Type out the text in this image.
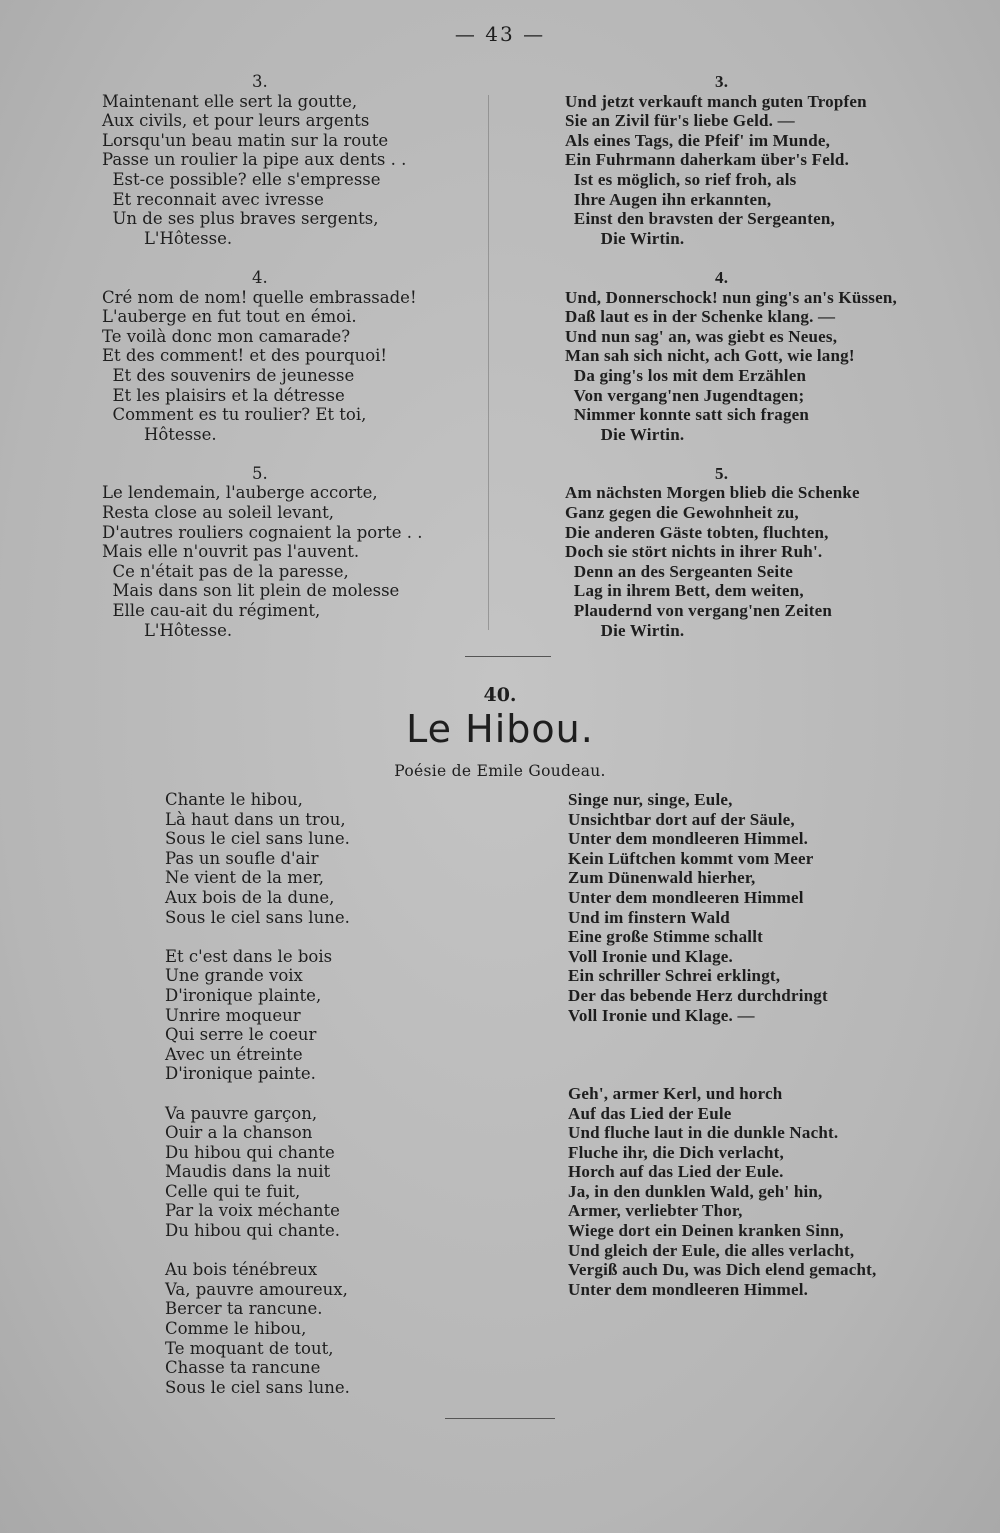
— 43 —
3.
Maintenant elle sert la goutte,
Aux civils, et pour leurs argents
Lorsqu'un beau matin sur la route
Passe un roulier la pipe aux dents . .
Est-ce possible? elle s'empresse
Et reconnait avec ivresse
Un de ses plus braves sergents,
L'Hôtesse.
4.
Cré nom de nom! quelle embrassade!
L'auberge en fut tout en émoi.
Te voilà donc mon camarade?
Et des comment! et des pourquoi!
Et des souvenirs de jeunesse
Et les plaisirs et la détresse
Comment es tu roulier? Et toi,
Hôtesse.
5.
Le lendemain, l'auberge accorte,
Resta close au soleil levant,
D'autres rouliers cognaient la porte . .
Mais elle n'ouvrit pas l'auvent.
Ce n'était pas de la paresse,
Mais dans son lit plein de molesse
Elle cau-ait du régiment,
L'Hôtesse.
3.
Und jetzt verkauft manch guten Tropfen
Sie an Zivil für's liebe Geld. —
Als eines Tags, die Pfeif' im Munde,
Ein Fuhrmann daherkam über's Feld.
Ist es möglich, so rief froh, als
Ihre Augen ihn erkannten,
Einst den bravsten der Sergeanten,
Die Wirtin.
4.
Und, Donnerschock! nun ging's an's Küssen,
Daß laut es in der Schenke klang. —
Und nun sag' an, was giebt es Neues,
Man sah sich nicht, ach Gott, wie lang!
Da ging's los mit dem Erzählen
Von vergang'nen Jugendtagen;
Nimmer konnte satt sich fragen
Die Wirtin.
5.
Am nächsten Morgen blieb die Schenke
Ganz gegen die Gewohnheit zu,
Die anderen Gäste tobten, fluchten,
Doch sie stört nichts in ihrer Ruh'.
Denn an des Sergeanten Seite
Lag in ihrem Bett, dem weiten,
Plaudernd von vergang'nen Zeiten
Die Wirtin.
40.
Le Hibou.
Poésie de Emile Goudeau.
Chante le hibou,
Là haut dans un trou,
Sous le ciel sans lune.
Pas un soufle d'air
Ne vient de la mer,
Aux bois de la dune,
Sous le ciel sans lune.
Et c'est dans le bois
Une grande voix
D'ironique plainte,
Unrire moqueur
Qui serre le coeur
Avec un étreinte
D'ironique painte.
Va pauvre garçon,
Ouir a la chanson
Du hibou qui chante
Maudis dans la nuit
Celle qui te fuit,
Par la voix méchante
Du hibou qui chante.
Au bois ténébreux
Va, pauvre amoureux,
Bercer ta rancune.
Comme le hibou,
Te moquant de tout,
Chasse ta rancune
Sous le ciel sans lune.
Singe nur, singe, Eule,
Unsichtbar dort auf der Säule,
Unter dem mondleeren Himmel.
Kein Lüftchen kommt vom Meer
Zum Dünenwald hierher,
Unter dem mondleeren Himmel
Und im finstern Wald
Eine große Stimme schallt
Voll Ironie und Klage.
Ein schriller Schrei erklingt,
Der das bebende Herz durchdringt
Voll Ironie und Klage. —
Geh', armer Kerl, und horch
Auf das Lied der Eule
Und fluche laut in die dunkle Nacht.
Fluche ihr, die Dich verlacht,
Horch auf das Lied der Eule.
Ja, in den dunklen Wald, geh' hin,
Armer, verliebter Thor,
Wiege dort ein Deinen kranken Sinn,
Und gleich der Eule, die alles verlacht,
Vergiß auch Du, was Dich elend gemacht,
Unter dem mondleeren Himmel.
